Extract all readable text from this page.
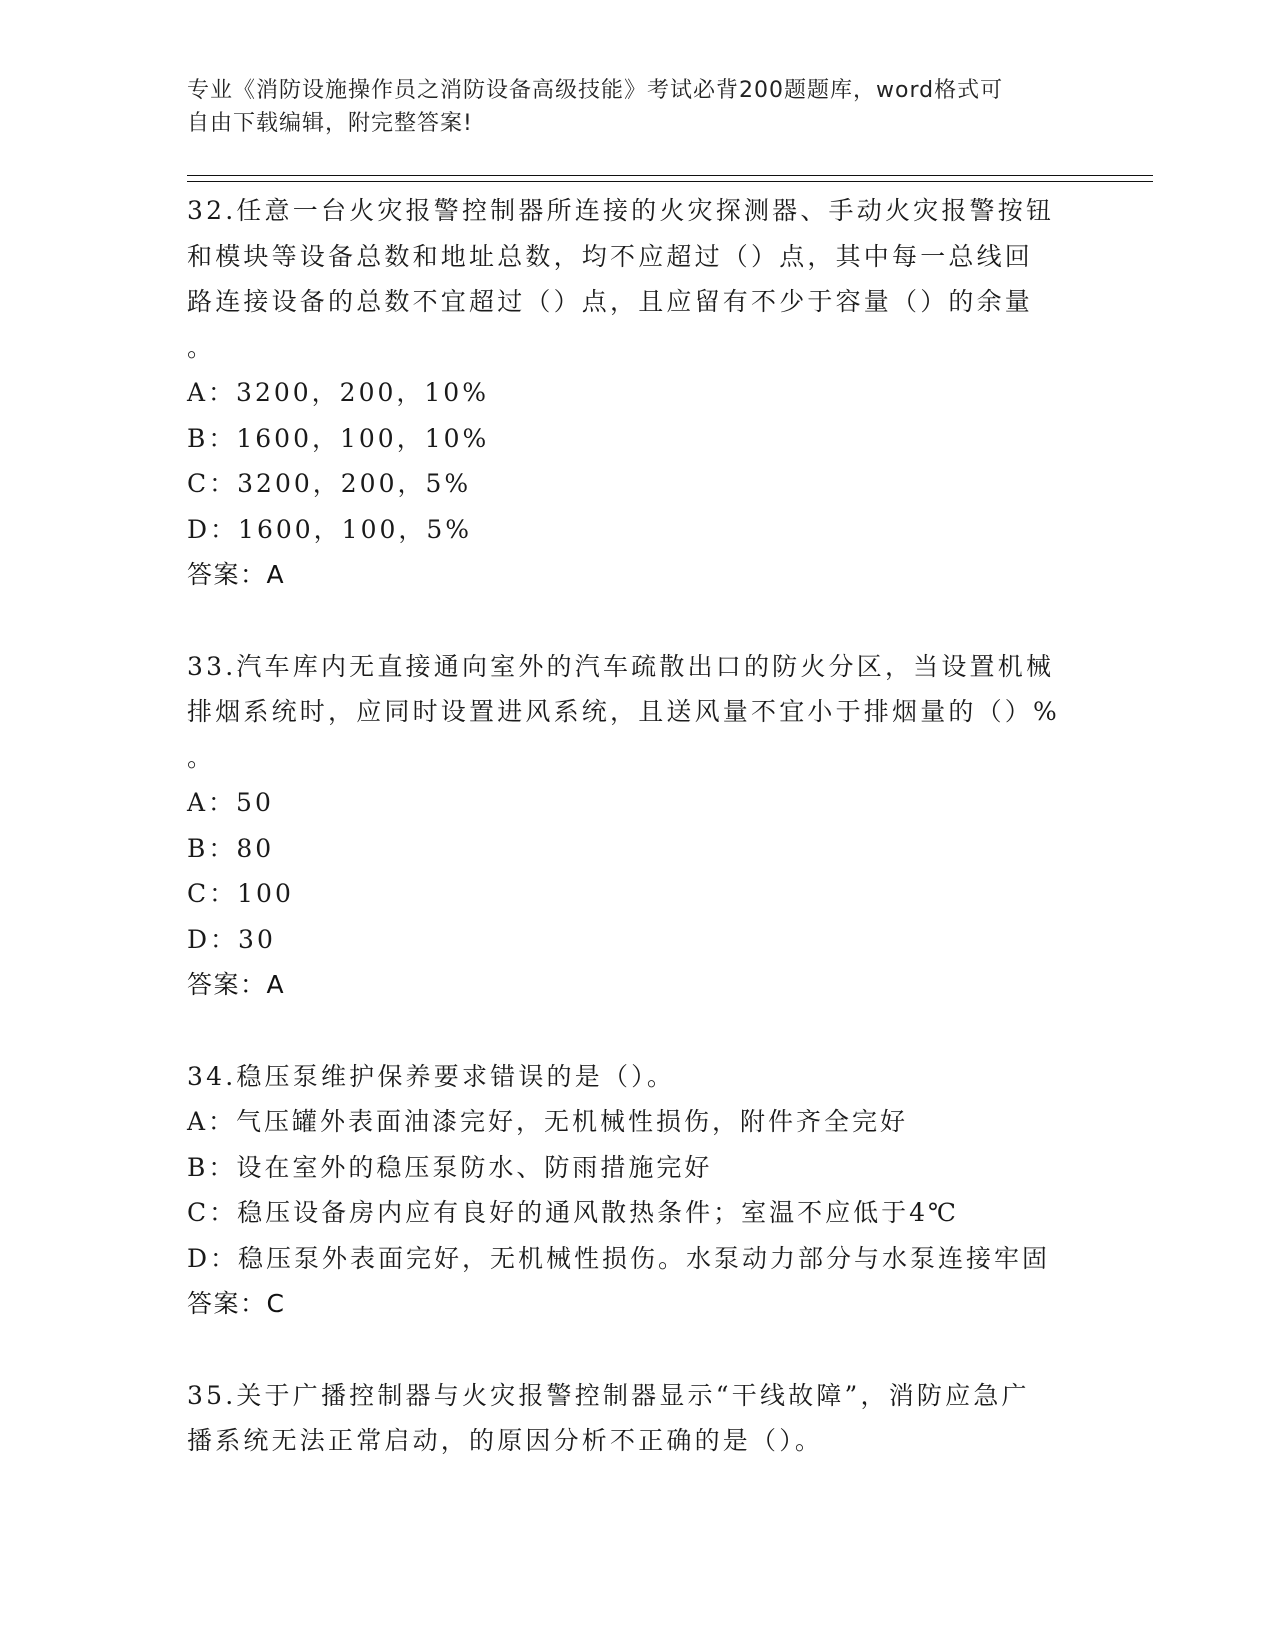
专业《消防设施操作员之消防设备高级技能》考试必背200题题库，word格式可
自由下载编辑，附完整答案!
32.任意一台火灾报警控制器所连接的火灾探测器、手动火灾报警按钮
和模块等设备总数和地址总数，均不应超过（）点，其中每一总线回
路连接设备的总数不宜超过（）点，且应留有不少于容量（）的余量
。
A：3200，200，10%
B：1600，100，10%
C：3200，200，5%
D：1600，100，5%
答案：A
33.汽车库内无直接通向室外的汽车疏散出口的防火分区，当设置机械
排烟系统时，应同时设置进风系统，且送风量不宜小于排烟量的（）%
。
A：50
B：80
C：100
D：30
答案：A
34.稳压泵维护保养要求错误的是（）。
A：气压罐外表面油漆完好，无机械性损伤，附件齐全完好
B：设在室外的稳压泵防水、防雨措施完好
C：稳压设备房内应有良好的通风散热条件；室温不应低于4℃
D：稳压泵外表面完好，无机械性损伤。水泵动力部分与水泵连接牢固
答案：C
35.关于广播控制器与火灾报警控制器显示“干线故障”，消防应急广
播系统无法正常启动，的原因分析不正确的是（）。
